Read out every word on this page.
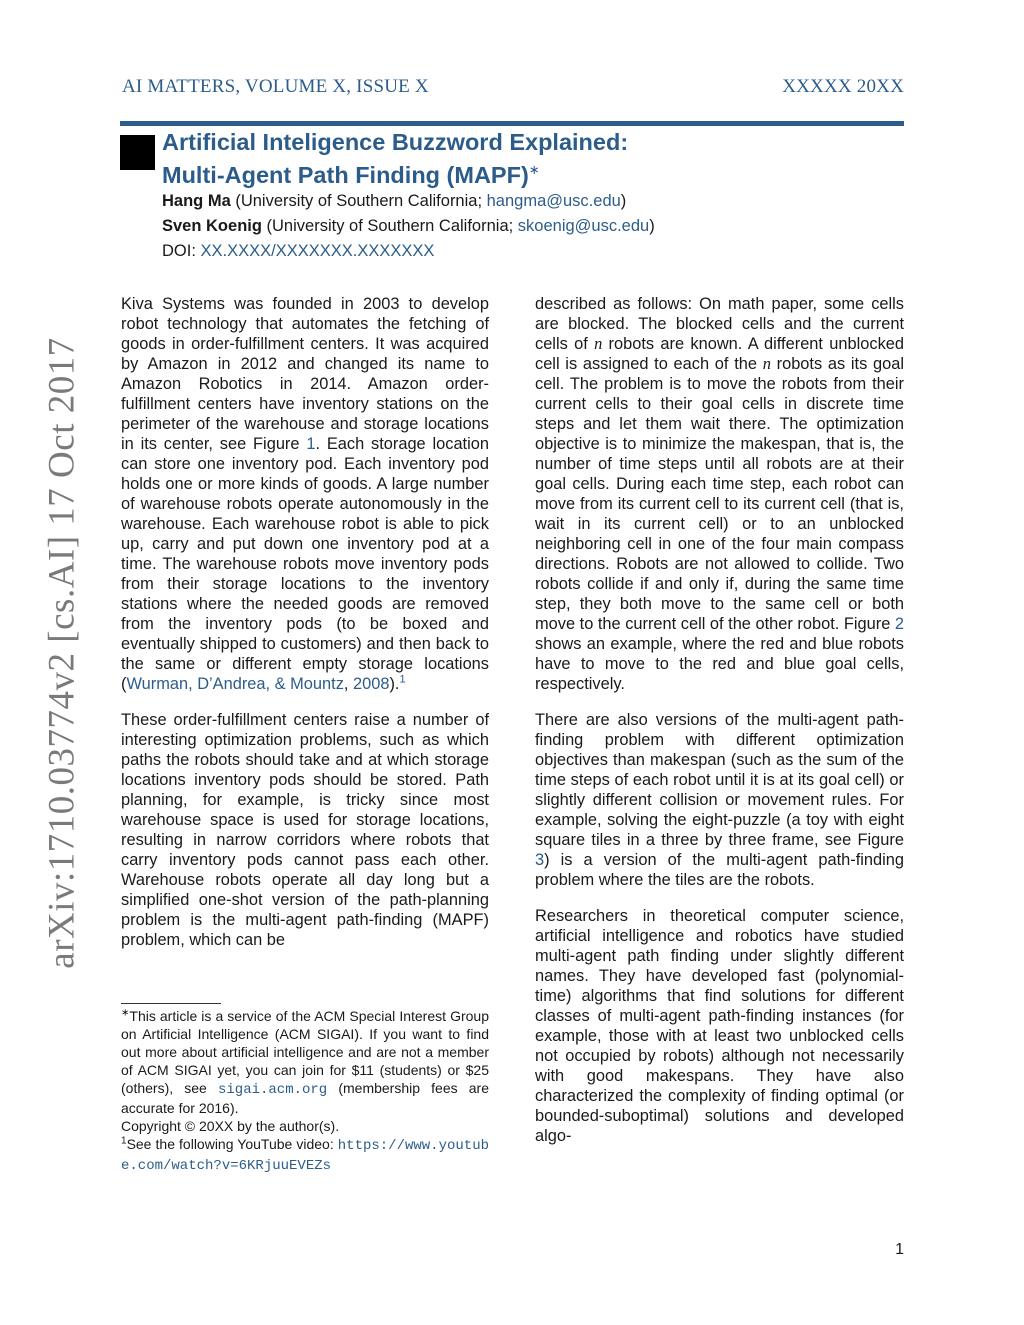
AI MATTERS, VOLUME X, ISSUE X	XXXXX 20XX
Artificial Inteligence Buzzword Explained:
Multi-Agent Path Finding (MAPF)∗
Hang Ma (University of Southern California; hangma@usc.edu)
Sven Koenig (University of Southern California; skoenig@usc.edu)
DOI: XX.XXXX/XXXXXXX.XXXXXXX
arXiv:1710.03774v2 [cs.AI] 17 Oct 2017

Kiva Systems was founded in 2003 to develop robot technology that automates the fetching of goods in order-fulfillment centers. It was acquired by Amazon in 2012 and changed its name to Amazon Robotics in 2014. Amazon order-fulfillment centers have inventory stations on the perimeter of the warehouse and storage locations in its center, see Figure 1. Each storage location can store one inventory pod. Each inventory pod holds one or more kinds of goods. A large number of warehouse robots operate autonomously in the warehouse. Each warehouse robot is able to pick up, carry and put down one inventory pod at a time. The warehouse robots move inventory pods from their storage locations to the inventory stations where the needed goods are removed from the inventory pods (to be boxed and eventually shipped to customers) and then back to the same or different empty storage locations (Wurman, D’Andrea, & Mountz, 2008).$^1$

These order-fulfillment centers raise a number of interesting optimization problems, such as which paths the robots should take and at which storage locations inventory pods should be stored. Path planning, for example, is tricky since most warehouse space is used for storage locations, resulting in narrow corridors where robots that carry inventory pods cannot pass each other. Warehouse robots operate all day long but a simplified one-shot version of the path-planning problem is the multi-agent path-finding (MAPF) problem, which can be

described as follows: On math paper, some cells are blocked. The blocked cells and the current cells of n robots are known. A different unblocked cell is assigned to each of the n robots as its goal cell. The problem is to move the robots from their current cells to their goal cells in discrete time steps and let them wait there. The optimization objective is to minimize the makespan, that is, the number of time steps until all robots are at their goal cells. During each time step, each robot can move from its current cell to its current cell (that is, wait in its current cell) or to an unblocked neighboring cell in one of the four main compass directions. Robots are not allowed to collide. Two robots collide if and only if, during the same time step, they both move to the same cell or both move to the current cell of the other robot. Figure 2 shows an example, where the red and blue robots have to move to the red and blue goal cells, respectively.

There are also versions of the multi-agent path-finding problem with different optimization objectives than makespan (such as the sum of the time steps of each robot until it is at its goal cell) or slightly different collision or movement rules. For example, solving the eight-puzzle (a toy with eight square tiles in a three by three frame, see Figure 3) is a version of the multi-agent path-finding problem where the tiles are the robots.

Researchers in theoretical computer science, artificial intelligence and robotics have studied multi-agent path finding under slightly different names. They have developed fast (polynomial-time) algorithms that find solutions for different classes of multi-agent path-finding instances (for example, those with at least two unblocked cells not occupied by robots) although not necessarily with good makespans. They have also characterized the complexity of finding optimal (or bounded-suboptimal) solutions and developed algo-

∗This article is a service of the ACM Special Interest Group on Artificial Intelligence (ACM SIGAI). If you want to find out more about artificial intelligence and are not a member of ACM SIGAI yet, you can join for $11 (students) or $25 (others), see sigai.acm.org (membership fees are accurate for 2016).

Copyright © 20XX by the author(s).

$^1$See the following YouTube video: https://www.youtube.com/watch?v=6KRjuuEVEZs

1
